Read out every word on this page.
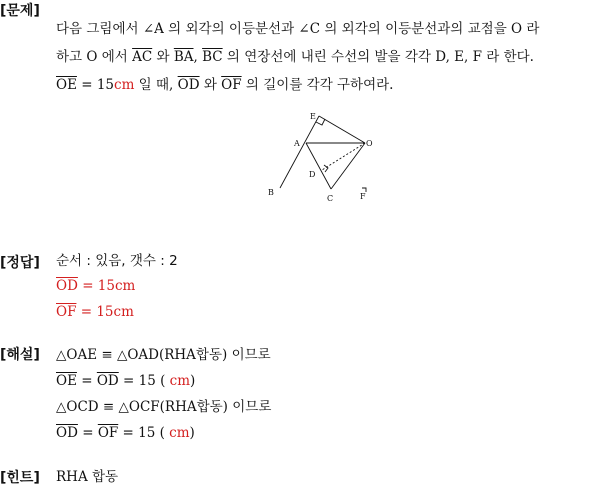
[문제]
다음 그림에서 ∠A 의 외각의 이등분선과 ∠C 의 외각의 이등분선과의 교점을 O 라
하고 O 에서 $\overline{AC}$ 와 $\overline{BA}$, $\overline{BC}$ 의 연장선에 내린 수선의 발을 각각 D, E, F 라 한다.
$\overline{OE} = 15cm$ 일 때, $\overline{OD}$ 와 $\overline{OF}$ 의 길이를 각각 구하여라.
E
A	O
D
B
C	F
[정답] 순서 : 있음, 갯수 : 2
$\overline{OD} = 15cm$
$\overline{OF} = 15cm$
[해설] △OAE ≡ △OAD(RHA합동) 이므로
$\overline{OE} = \overline{OD} = 15$ ( cm)
△OCD ≡ △OCF(RHA합동) 이므로
$\overline{OD} = \overline{OF} = 15$ ( cm)
[힌트] RHA 합동
